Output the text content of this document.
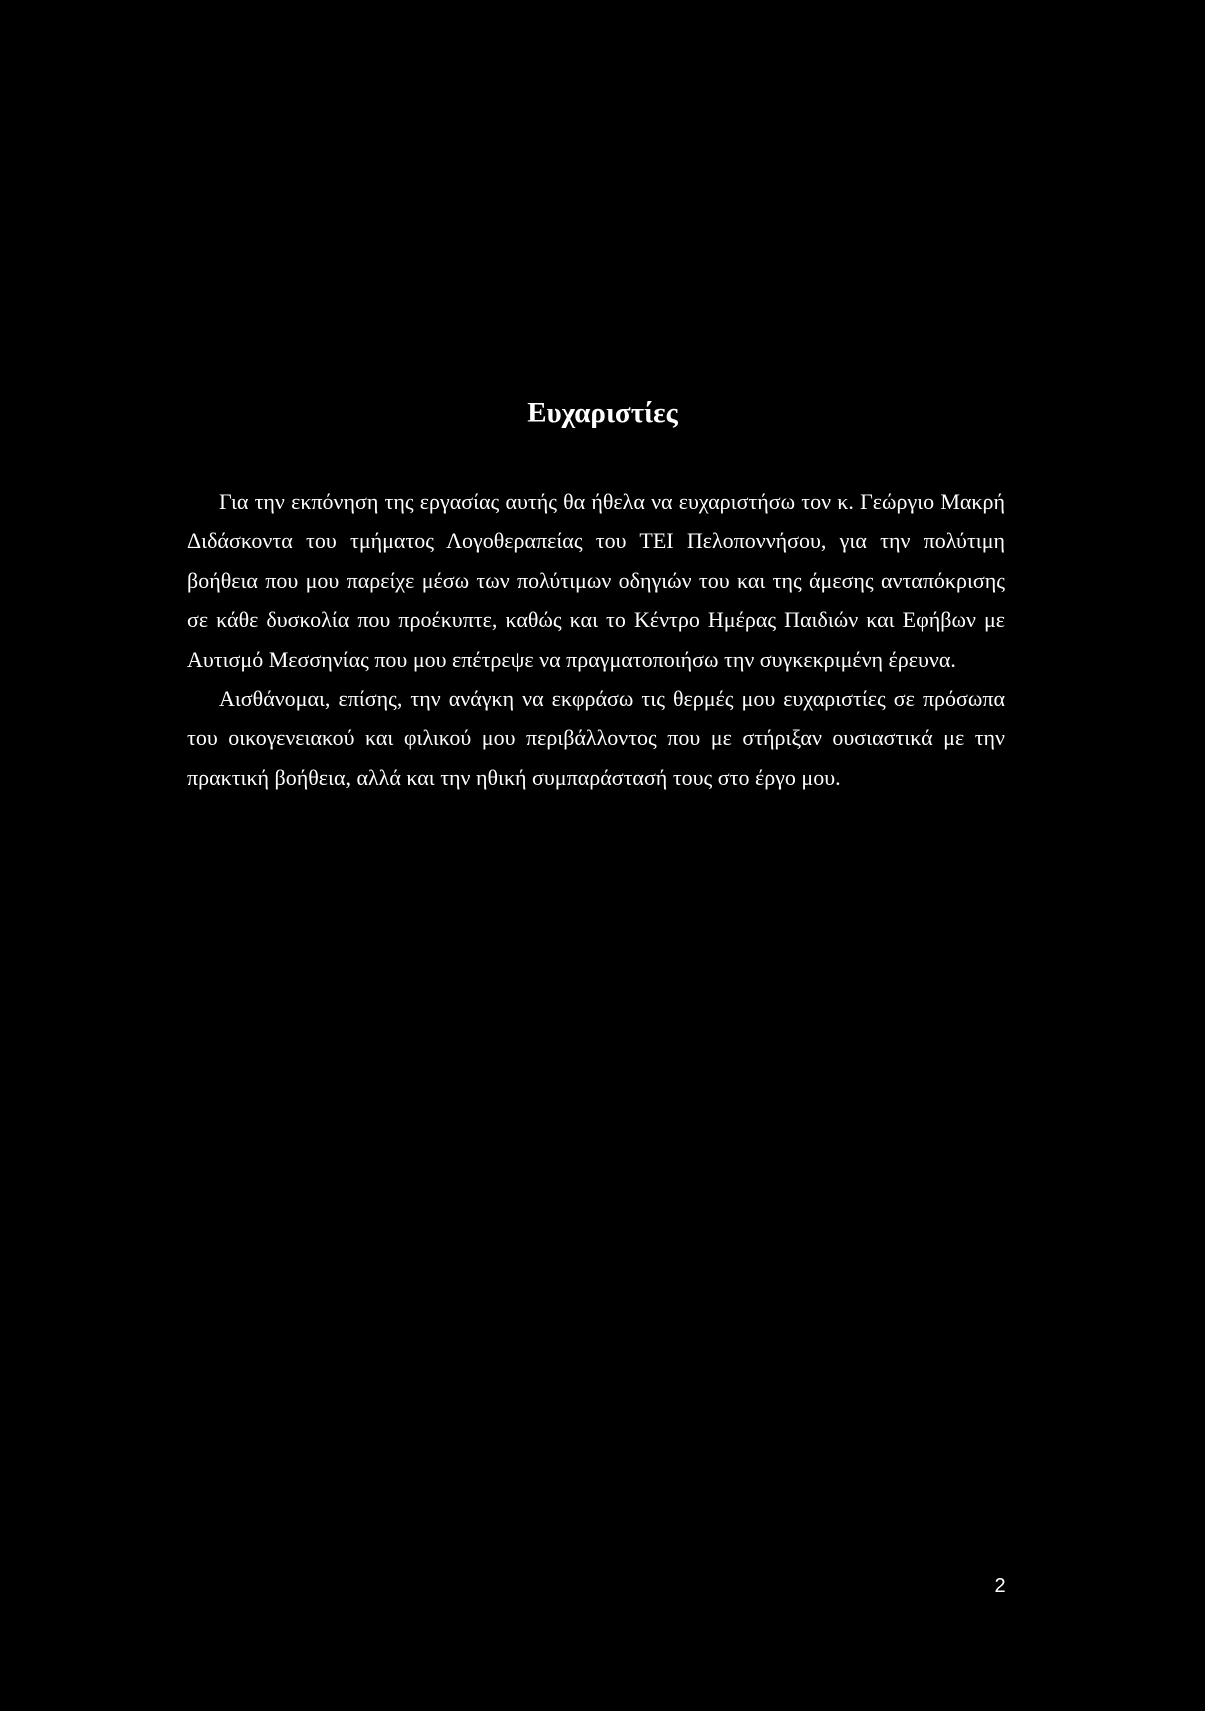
Ευχαριστίες

Για την εκπόνηση της εργασίας αυτής θα ήθελα να ευχαριστήσω τον κ. Γεώργιο Μακρή Διδάσκοντα του τμήματος Λογοθεραπείας του ΤΕΙ Πελοποννήσου, για την πολύτιμη βοήθεια που μου παρείχε μέσω των πολύτιμων οδηγιών του και της άμεσης ανταπόκρισης σε κάθε δυσκολία που προέκυπτε, καθώς και το Κέντρο Ημέρας Παιδιών και Εφήβων με Αυτισμό Μεσσηνίας που μου επέτρεψε να πραγματοποιήσω την συγκεκριμένη έρευνα.

Αισθάνομαι, επίσης, την ανάγκη να εκφράσω τις θερμές μου ευχαριστίες σε πρόσωπα του οικογενειακού και φιλικού μου περιβάλλοντος που με στήριξαν ουσιαστικά με την πρακτική βοήθεια, αλλά και την ηθική συμπαράστασή τους στο έργο μου.

2
